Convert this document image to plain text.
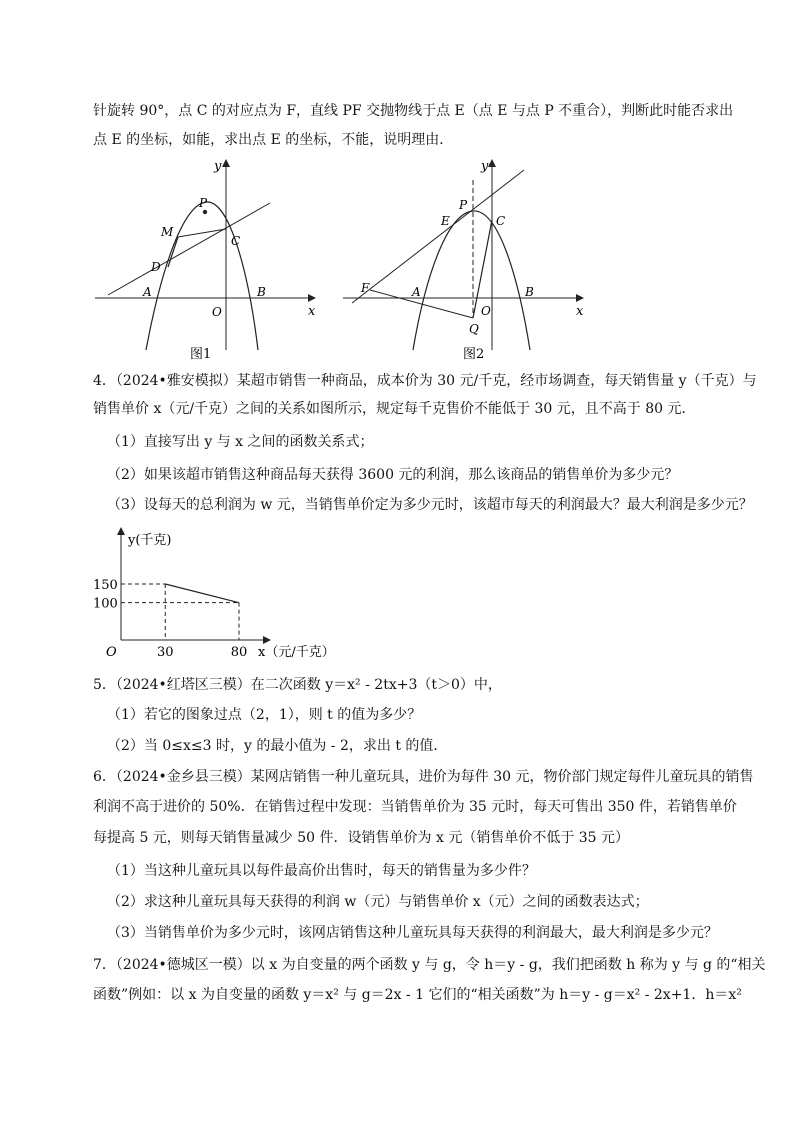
针旋转 90°，点 C 的对应点为 F，直线 PF 交抛物线于点 E（点 E 与点 P 不重合），判断此时能否求出
点 E 的坐标，如能，求出点 E 的坐标，不能，说明理由．
y
x
P
M
C
D
A
O
B
图1
y
x
P
E	C
F	A
O
B
Q
图2
4．（2024•雅安模拟）某超市销售一种商品，成本价为 30 元/千克，经市场调查，每天销售量 y（千克）与
销售单价 x（元/千克）之间的关系如图所示，规定每千克售价不能低于 30 元，且不高于 80 元．
（1）直接写出 y 与 x 之间的函数关系式；
（2）如果该超市销售这种商品每天获得 3600 元的利润，那么该商品的销售单价为多少元？
（3）设每天的总利润为 w 元，当销售单价定为多少元时，该超市每天的利润最大？最大利润是多少元？
y(千克)
x（元/千克）
O
150
100
30	80
5．（2024•红塔区三模）在二次函数 y＝x² - 2tx+3（t＞0）中，
（1）若它的图象过点（2，1），则 t 的值为多少？
（2）当 0≤x≤3 时，y 的最小值为 - 2，求出 t 的值．
6．（2024•金乡县三模）某网店销售一种儿童玩具，进价为每件 30 元，物价部门规定每件儿童玩具的销售
利润不高于进价的 50%．在销售过程中发现：当销售单价为 35 元时，每天可售出 350 件，若销售单价
每提高 5 元，则每天销售量减少 50 件．设销售单价为 x 元（销售单价不低于 35 元）
（1）当这种儿童玩具以每件最高价出售时，每天的销售量为多少件？
（2）求这种儿童玩具每天获得的利润 w（元）与销售单价 x（元）之间的函数表达式；
（3）当销售单价为多少元时，该网店销售这种儿童玩具每天获得的利润最大，最大利润是多少元？
7．（2024•德城区一模）以 x 为自变量的两个函数 y 与 g，令 h＝y - g，我们把函数 h 称为 y 与 g 的“相关
函数”例如：以 x 为自变量的函数 y＝x² 与 g＝2x - 1 它们的“相关函数”为 h＝y - g＝x² - 2x+1．h＝x²
